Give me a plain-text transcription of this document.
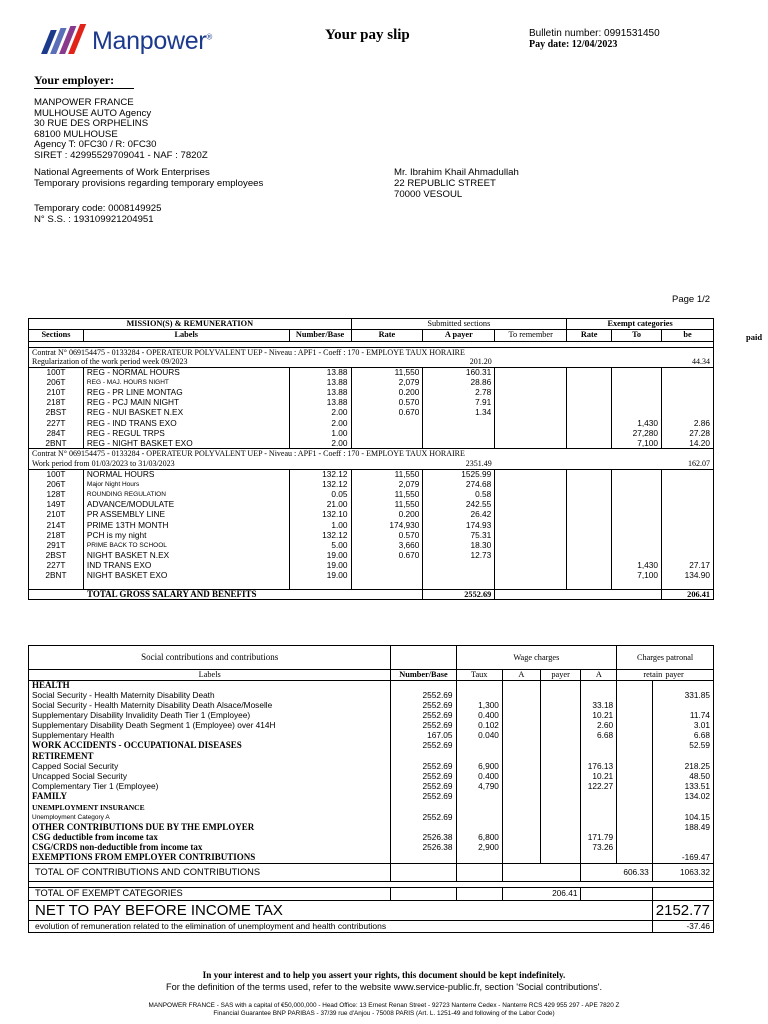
Manpower®	Your pay slip	Bulletin number: 0991531450
Pay date: 12/04/2023
Your employer:
MANPOWER FRANCE
MULHOUSE AUTO Agency
30 RUE DES ORPHELINS
68100 MULHOUSE
Agency T: 0FC30 / R: 0FC30
SIRET : 42995529709041 - NAF : 7820Z
National Agreements of Work Enterprises
Temporary provisions regarding temporary employees
Temporary code: 0008149925
N° S.S. : 193109921204951
Mr. Ibrahim Khail Ahmadullah
22 REPUBLIC STREET
70000 VESOUL
Page 1/2
paid
MISSION(S) & REMUNERATION			Submitted sections			Exempt categories		
Sections	Labels	Number/Base	Rate	A payer	To remember	Rate	To	be

Contrat N° 069154475 - 0133284 - OPERATEUR POLYVALENT UEP - Niveau : APF1 - Coeff : 170 - EMPLOYE TAUX HORAIRE								
Regularization of the work period week 09/2023				201.20				44.34
100T	REG - NORMAL HOURS	13.88	11,550	160.31				
206T	REG - MAJ. HOURS NIGHT	13.88	2,079	28.86				
210T	REG - PR LINE MONTAG	13.88	0.200	2.78				
218T	REG - PCJ MAIN NIGHT	13.88	0.570	7.91				
2BST	REG - NUI BASKET N.EX	2.00	0.670	1.34				
227T	REG - IND TRANS EXO	2.00					1,430	2.86
284T	REG - REGUL TRPS	1.00					27,280	27.28
2BNT	REG - NIGHT BASKET EXO	2.00					7,100	14.20
Contrat N° 069154475 - 0133284 - OPERATEUR POLYVALENT UEP - Niveau : APF1 - Coeff : 170 - EMPLOYE TAUX HORAIRE								
Work period from 01/03/2023 to 31/03/2023				2351.49				162.07
100T	NORMAL HOURS	132.12	11,550	1525.99				
206T	Major Night Hours	132.12	2,079	274.68				
128T	ROUNDING REGULATION	0.05	11,550	0.58				
149T	ADVANCE/MODULATE	21.00	11,550	242.55				
210T	PR ASSEMBLY LINE	132.10	0.200	26.42				
214T	PRIME 13TH MONTH	1.00	174,930	174.93				
218T	PCH is my night	132.12	0.570	75.31				
291T	PRIME BACK TO SCHOOL	5.00	3,660	18.30				
2BST	NIGHT BASKET N.EX	19.00	0.670	12.73				
227T	IND TRANS EXO	19.00					1,430	27.17
2BNT	NIGHT BASKET EXO	19.00					7,100	134.90

TOTAL GROSS SALARY AND BENEFITS				2552.69				206.41
Social contributions and contributions		Wage charges				Charges patronal	
Labels	Number/Base	Taux	A	payer	A	retain payer	
HEALTH							
Social Security - Health Maternity Disability Death	2552.69						331.85
Social Security - Health Maternity Disability Death Alsace/Moselle	2552.69	1,300			33.18		
Supplementary Disability Invalidity Death Tier 1 (Employee)	2552.69	0.400			10.21		11.74
Supplementary Disability Death Segment 1 (Employee) over 414H	2552.69	0.102			2.60		3.01
Supplementary Health	167.05	0.040			6.68		6.68
WORK ACCIDENTS - OCCUPATIONAL DISEASES	2552.69						52.59
RETIREMENT							
Capped Social Security	2552.69	6,900			176.13		218.25
Uncapped Social Security	2552.69	0.400			10.21		48.50
Complementary Tier 1 (Employee)	2552.69	4,790			122.27		133.51
FAMILY	2552.69						134.02
UNEMPLOYMENT INSURANCE							
Unemployment Category A	2552.69						104.15
OTHER CONTRIBUTIONS DUE BY THE EMPLOYER							188.49
CSG deductible from income tax	2526.38	6,800			171.79		
CSG/CRDS non-deductible from income tax	2526.38	2,900			73.26		
EXEMPTIONS FROM EMPLOYER CONTRIBUTIONS							-169.47
TOTAL OF CONTRIBUTIONS AND CONTRIBUTIONS					606.33		1063.32

TOTAL OF EXEMPT CATEGORIES			206.41				
NET TO PAY BEFORE INCOME TAX							2152.77
evolution of remuneration related to the elimination of unemployment and health contributions							-37.46
In your interest and to help you assert your rights, this document should be kept indefinitely.
For the definition of the terms used, refer to the website www.service-public.fr, section 'Social contributions'.
MANPOWER FRANCE - SAS with a capital of €50,000,000 - Head Office: 13 Ernest Renan Street - 92723 Nanterre Cedex - Nanterre RCS 429 955 297 - APE 7820 Z
Financial Guarantee BNP PARIBAS - 37/39 rue d'Anjou - 75008 PARIS (Art. L. 1251-49 and following of the Labor Code)
